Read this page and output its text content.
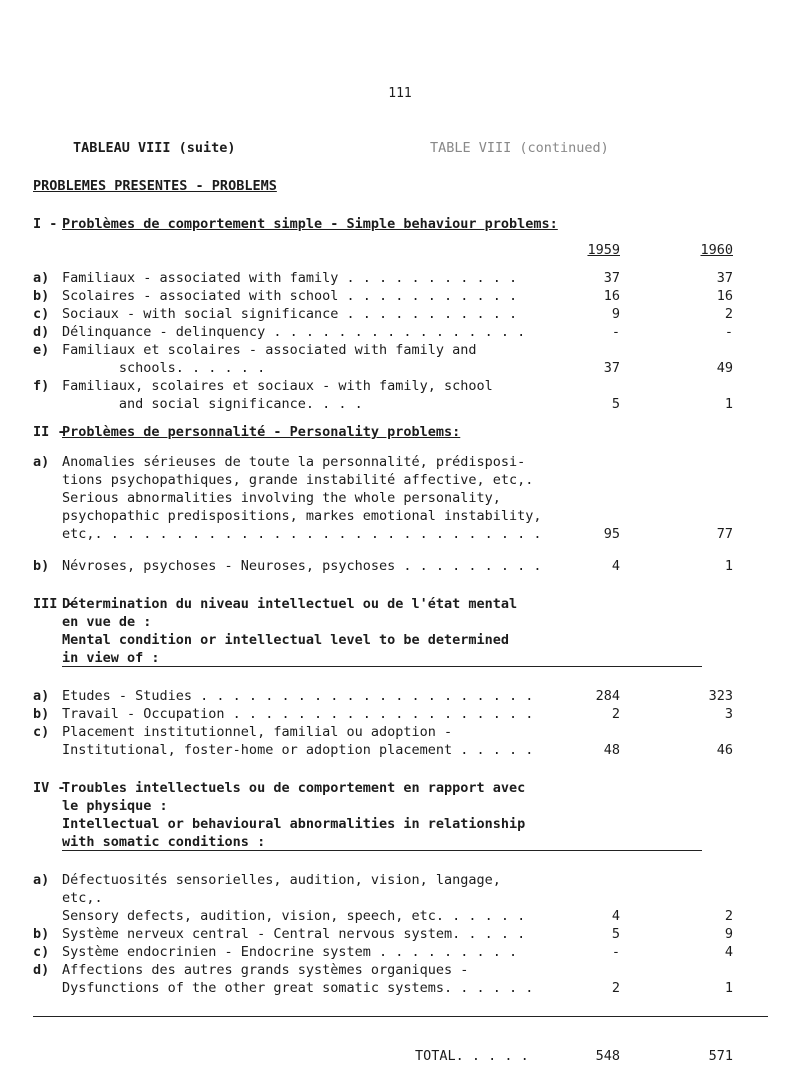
111
TABLEAU VIII (suite)	TABLE VIII (continued)
PROBLEMES PRESENTES - PROBLEMS
I - Problèmes de comportement simple - Simple behaviour problems:
1959	1960
a) Familiaux - associated with family . . . . . . . . . . .	37	37
b) Scolaires - associated with school . . . . . . . . . . .	16	16
c) Sociaux - with social significance . . . . . . . . . . .	9	2
d) Délinquance - delinquency . . . . . . . . . . . . . . . .	-	-
e) Familiaux et scolaires - associated with family and
schools. . . . . .	37	49
f) Familiaux, scolaires et sociaux - with family, school
and social significance. . . .	5	1
II -
Problèmes de personnalité - Personality problems:
a) Anomalies sérieuses de toute la personnalité, prédisposi-
tions psychopathiques, grande instabilité affective, etc,.
Serious abnormalities involving the whole personality,
psychopathic predispositions, markes emotional instability,
etc,. . . . . . . . . . . . . . . . . . . . . . . . . . . .	95	77
b) Névroses, psychoses - Neuroses, psychoses . . . . . . . . .	4	1
III -
Détermination du niveau intellectuel ou de l'état mental
en vue de :
Mental condition or intellectual level to be determined
in view of :
a) Etudes - Studies . . . . . . . . . . . . . . . . . . . . .	284	323
b) Travail - Occupation . . . . . . . . . . . . . . . . . . .	2	3
c) Placement institutionnel, familial ou adoption -
Institutional, foster-home or adoption placement . . . . .	48	46
IV -
Troubles intellectuels ou de comportement en rapport avec
le physique :
Intellectual or behavioural abnormalities in relationship
with somatic conditions :
a) Défectuosités sensorielles, audition, vision, langage,
etc,.
Sensory defects, audition, vision, speech, etc. . . . . .	4	2
b) Système nerveux central - Central nervous system. . . . .	5	9
c) Système endocrinien - Endocrine system . . . . . . . . .	-	4
d) Affections des autres grands systèmes organiques -
Dysfunctions of the other great somatic systems. . . . . .	2	1
TOTAL. . . . .	548	571
